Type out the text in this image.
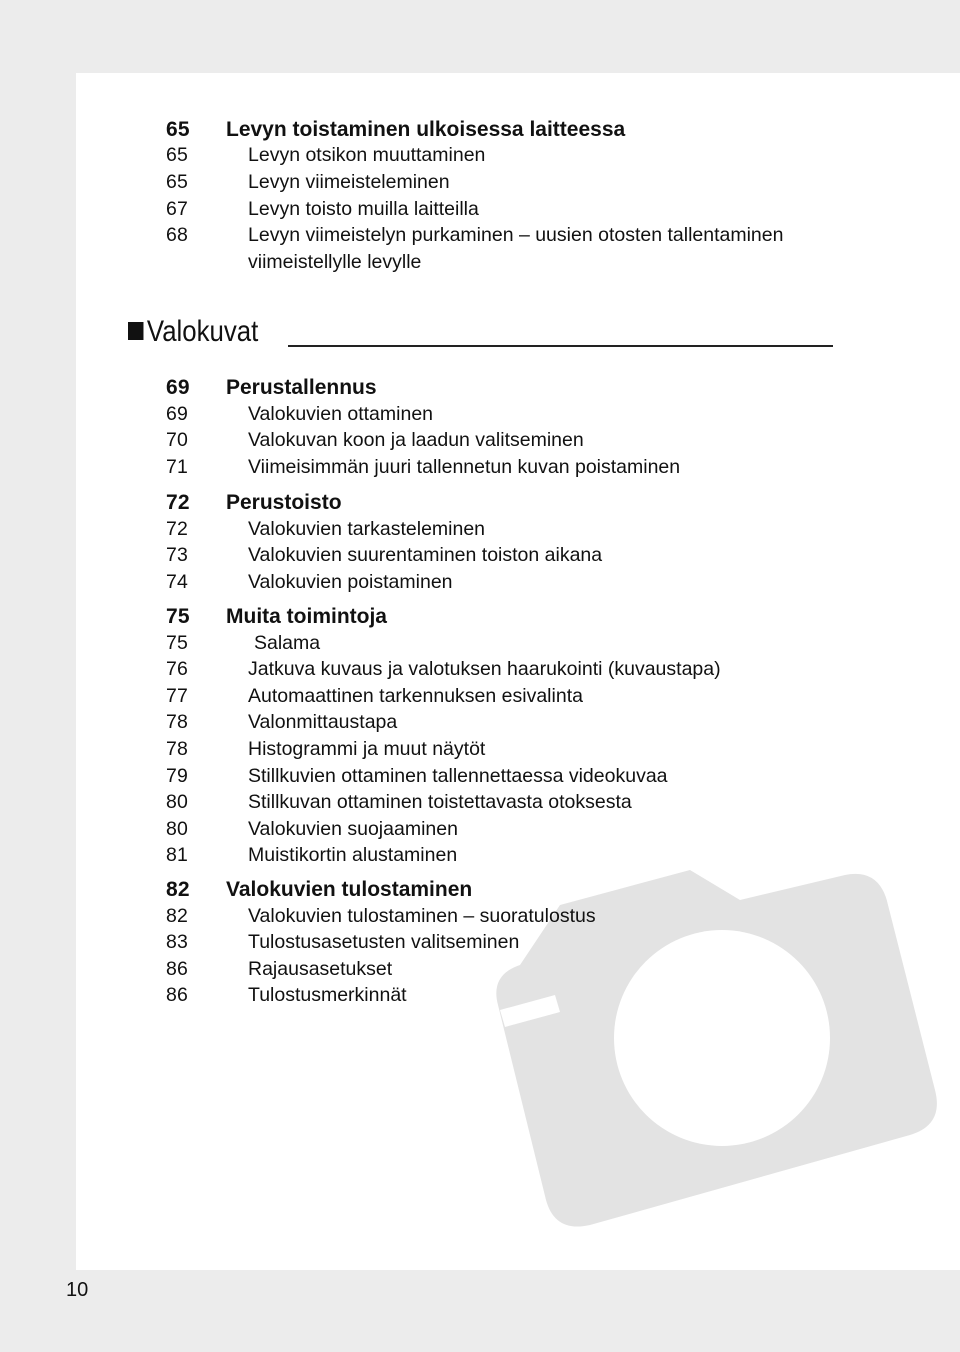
65	Levyn toistaminen ulkoisessa laitteessa
65	Levyn otsikon muuttaminen
65	Levyn viimeisteleminen
67	Levyn toisto muilla laitteilla
68	Levyn viimeistelyn purkaminen – uusien otosten tallentaminen
viimeistellylle levylle
Valokuvat
69	Perustallennus
69	Valokuvien ottaminen
70	Valokuvan koon ja laadun valitseminen
71	Viimeisimmän juuri tallennetun kuvan poistaminen
72	Perustoisto
72	Valokuvien tarkasteleminen
73	Valokuvien suurentaminen toiston aikana
74	Valokuvien poistaminen
75	Muita toimintoja
75	Salama
76	Jatkuva kuvaus ja valotuksen haarukointi (kuvaustapa)
77	Automaattinen tarkennuksen esivalinta
78	Valonmittaustapa
78	Histogrammi ja muut näytöt
79	Stillkuvien ottaminen tallennettaessa videokuvaa
80	Stillkuvan ottaminen toistettavasta otoksesta
80	Valokuvien suojaaminen
81	Muistikortin alustaminen
82	Valokuvien tulostaminen
82	Valokuvien tulostaminen – suoratulostus
83	Tulostusasetusten valitseminen
86	Rajausasetukset
86	Tulostusmerkinnät
10
